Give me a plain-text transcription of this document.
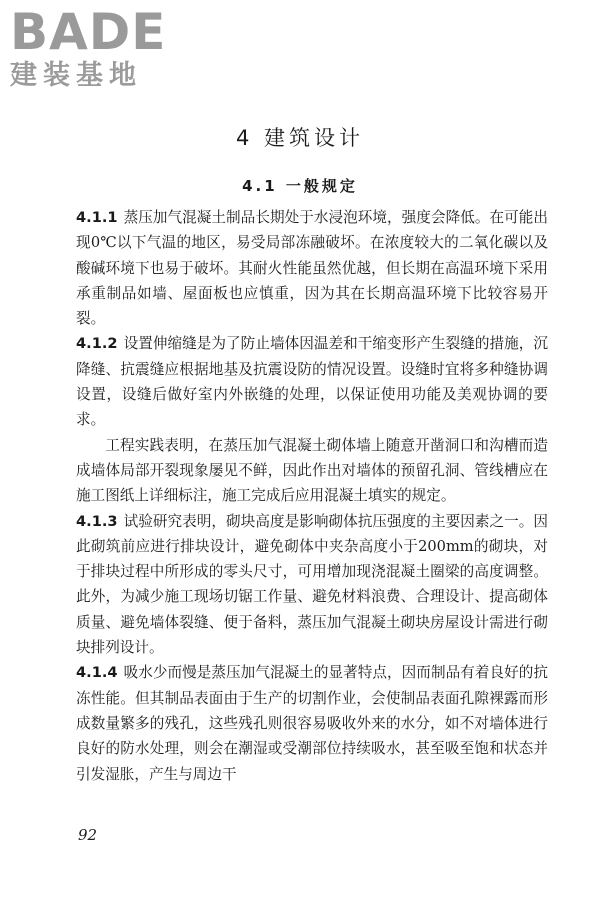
BADE
建装基地
4 建筑设计
4.1 一般规定

4.1.1 蒸压加气混凝土制品长期处于水浸泡环境，强度会降低。在可能出现0℃以下气温的地区，易受局部冻融破坏。在浓度较大的二氧化碳以及酸碱环境下也易于破坏。其耐火性能虽然优越，但长期在高温环境下采用承重制品如墙、屋面板也应慎重，因为其在长期高温环境下比较容易开裂。

4.1.2 设置伸缩缝是为了防止墙体因温差和干缩变形产生裂缝的措施，沉降缝、抗震缝应根据地基及抗震设防的情况设置。设缝时宜将多种缝协调设置，设缝后做好室内外嵌缝的处理，以保证使用功能及美观协调的要求。

工程实践表明，在蒸压加气混凝土砌体墙上随意开凿洞口和沟槽而造成墙体局部开裂现象屡见不鲜，因此作出对墙体的预留孔洞、管线槽应在施工图纸上详细标注，施工完成后应用混凝土填实的规定。

4.1.3 试验研究表明，砌块高度是影响砌体抗压强度的主要因素之一。因此砌筑前应进行排块设计，避免砌体中夹杂高度小于200mm的砌块，对于排块过程中所形成的零头尺寸，可用增加现浇混凝土圈梁的高度调整。此外，为减少施工现场切锯工作量、避免材料浪费、合理设计、提高砌体质量、避免墙体裂缝、便于备料，蒸压加气混凝土砌块房屋设计需进行砌块排列设计。

4.1.4 吸水少而慢是蒸压加气混凝土的显著特点，因而制品有着良好的抗冻性能。但其制品表面由于生产的切割作业，会使制品表面孔隙裸露而形成数量繁多的残孔，这些残孔则很容易吸收外来的水分，如不对墙体进行良好的防水处理，则会在潮湿或受潮部位持续吸水，甚至吸至饱和状态并引发湿胀，产生与周边干

92
